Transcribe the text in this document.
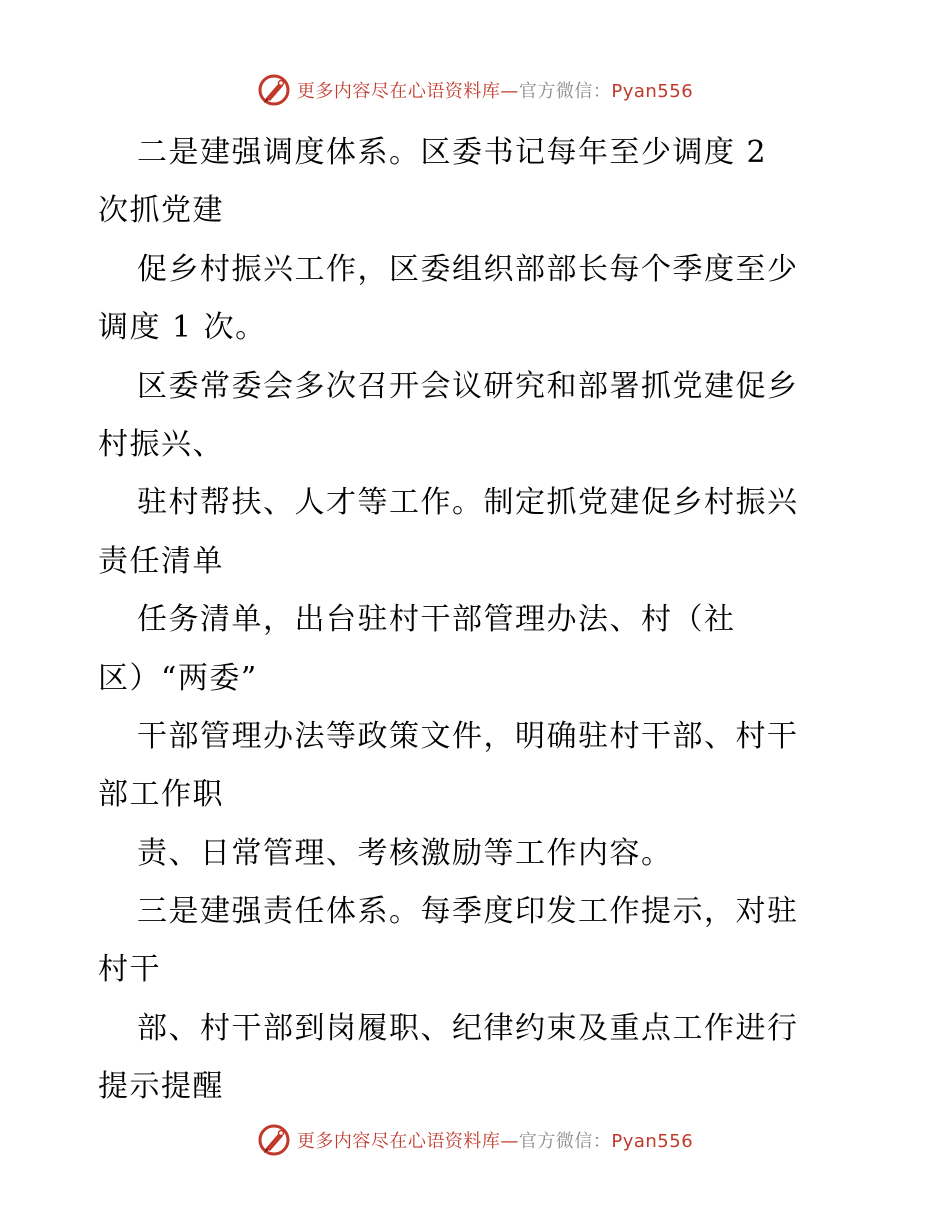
更多内容尽在心语资料库—官方微信：Pyan556
二是建强调度体系。区委书记每年至少调度 2
次抓党建
促乡村振兴工作，区委组织部部长每个季度至少
调度 1 次。
区委常委会多次召开会议研究和部署抓党建促乡
村振兴、
驻村帮扶、人才等工作。制定抓党建促乡村振兴
责任清单
任务清单，出台驻村干部管理办法、村（社
区）“两委”
干部管理办法等政策文件，明确驻村干部、村干
部工作职
责、日常管理、考核激励等工作内容。
三是建强责任体系。每季度印发工作提示，对驻
村干
部、村干部到岗履职、纪律约束及重点工作进行
提示提醒
更多内容尽在心语资料库—官方微信：Pyan556
